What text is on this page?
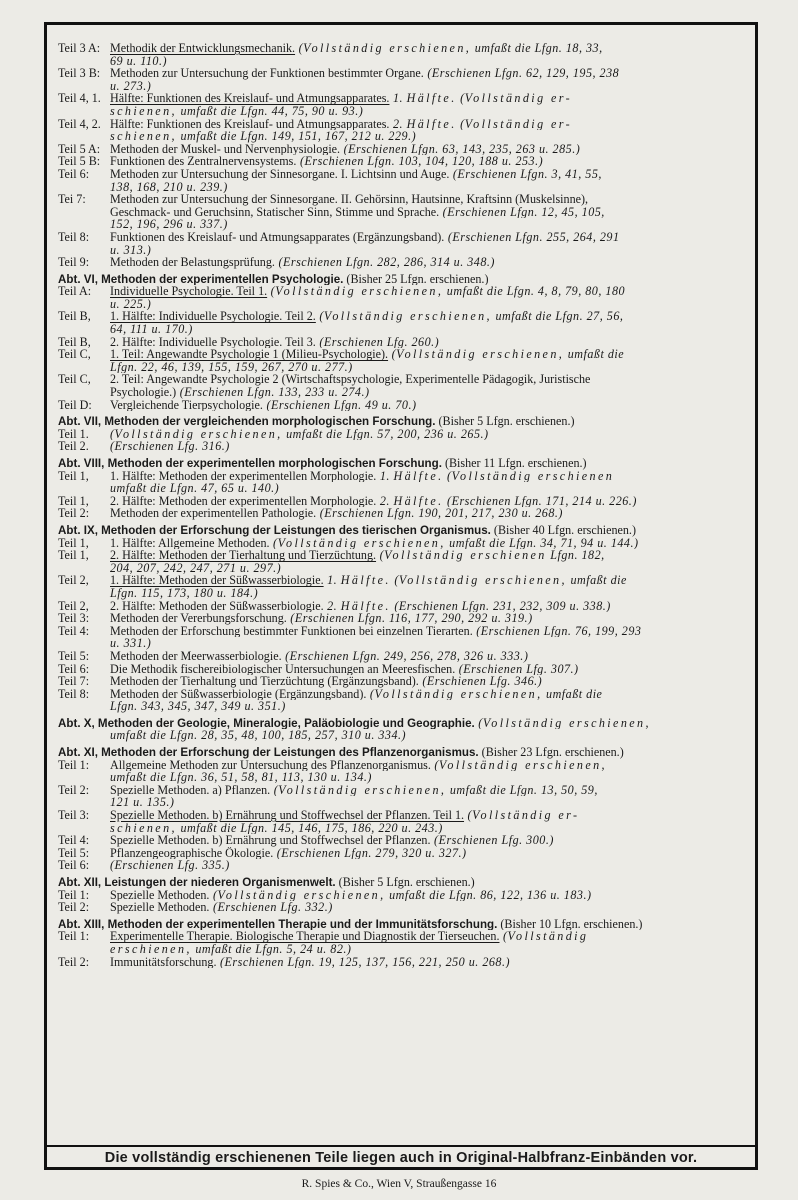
Teil 3 A: Methodik der Entwicklungsmechanik. (Vollständig erschienen, umfaßt die Lfgn. 18, 33,
69 u. 110.)
Teil 3 B: Methoden zur Untersuchung der Funktionen bestimmter Organe. (Erschienen Lfgn. 62, 129, 195, 238
u. 273.)
Teil 4, 1. Hälfte: Funktionen des Kreislauf- und Atmungsapparates. 1. Hälfte. (Vollständig er-
schienen, umfaßt die Lfgn. 44, 75, 90 u. 93.)
Teil 4, 2. Hälfte: Funktionen des Kreislauf- und Atmungsapparates. 2. Hälfte. (Vollständig er-
schienen, umfaßt die Lfgn. 149, 151, 167, 212 u. 229.)
Teil 5 A: Methoden der Muskel- und Nervenphysiologie. (Erschienen Lfgn. 63, 143, 235, 263 u. 285.)
Teil 5 B: Funktionen des Zentralnervensystems. (Erschienen Lfgn. 103, 104, 120, 188 u. 253.)
Teil 6: Methoden zur Untersuchung der Sinnesorgane. I. Lichtsinn und Auge. (Erschienen Lfgn. 3, 41, 55,
138, 168, 210 u. 239.)
Tei 7: Methoden zur Untersuchung der Sinnesorgane. II. Gehörsinn, Hautsinne, Kraftsinn (Muskelsinne),
Geschmack- und Geruchsinn, Statischer Sinn, Stimme und Sprache. (Erschienen Lfgn. 12, 45, 105,
152, 196, 296 u. 337.)
Teil 8: Funktionen des Kreislauf- und Atmungsapparates (Ergänzungsband). (Erschienen Lfgn. 255, 264, 291
u. 313.)
Teil 9: Methoden der Belastungsprüfung. (Erschienen Lfgn. 282, 286, 314 u. 348.)
Abt. VI, Methoden der experimentellen Psychologie. (Bisher 25 Lfgn. erschienen.)
Teil A: Individuelle Psychologie. Teil 1. (Vollständig erschienen, umfaßt die Lfgn. 4, 8, 79, 80, 180
u. 225.)
Teil B, 1. Hälfte: Individuelle Psychologie. Teil 2. (Vollständig erschienen, umfaßt die Lfgn. 27, 56,
64, 111 u. 170.)
Teil B, 2. Hälfte: Individuelle Psychologie. Teil 3. (Erschienen Lfg. 260.)
Teil C, 1. Teil: Angewandte Psychologie 1 (Milieu-Psychologie). (Vollständig erschienen, umfaßt die
Lfgn. 22, 46, 139, 155, 159, 267, 270 u. 277.)
Teil C, 2. Teil: Angewandte Psychologie 2 (Wirtschaftspsychologie, Experimentelle Pädagogik, Juristische
Psychologie.) (Erschienen Lfgn. 133, 233 u. 274.)
Teil D: Vergleichende Tierpsychologie. (Erschienen Lfgn. 49 u. 70.)
Abt. VII, Methoden der vergleichenden morphologischen Forschung. (Bisher 5 Lfgn. erschienen.)
Teil 1. (Vollständig erschienen, umfaßt die Lfgn. 57, 200, 236 u. 265.)
Teil 2. (Erschienen Lfg. 316.)
Abt. VIII, Methoden der experimentellen morphologischen Forschung. (Bisher 11 Lfgn. erschienen.)
Teil 1, 1. Hälfte: Methoden der experimentellen Morphologie. 1. Hälfte. (Vollständig erschienen
umfaßt die Lfgn. 47, 65 u. 140.)
Teil 1, 2. Hälfte: Methoden der experimentellen Morphologie. 2. Hälfte. (Erschienen Lfgn. 171, 214 u. 226.)
Teil 2: Methoden der experimentellen Pathologie. (Erschienen Lfgn. 190, 201, 217, 230 u. 268.)
Abt. IX, Methoden der Erforschung der Leistungen des tierischen Organismus. (Bisher 40 Lfgn. erschienen.)
Teil 1, 1. Hälfte: Allgemeine Methoden. (Vollständig erschienen, umfaßt die Lfgn. 34, 71, 94 u. 144.)
Teil 1, 2. Hälfte: Methoden der Tierhaltung und Tierzüchtung. (Vollständig erschienen Lfgn. 182,
204, 207, 242, 247, 271 u. 297.)
Teil 2, 1. Hälfte: Methoden der Süßwasserbiologie. 1. Hälfte. (Vollständig erschienen, umfaßt die
Lfgn. 115, 173, 180 u. 184.)
Teil 2, 2. Hälfte: Methoden der Süßwasserbiologie. 2. Hälfte. (Erschienen Lfgn. 231, 232, 309 u. 338.)
Teil 3: Methoden der Vererbungsforschung. (Erschienen Lfgn. 116, 177, 290, 292 u. 319.)
Teil 4: Methoden der Erforschung bestimmter Funktionen bei einzelnen Tierarten. (Erschienen Lfgn. 76, 199, 293
u. 331.)
Teil 5: Methoden der Meerwasserbiologie. (Erschienen Lfgn. 249, 256, 278, 326 u. 333.)
Teil 6: Die Methodik fischereibiologischer Untersuchungen an Meeresfischen. (Erschienen Lfg. 307.)
Teil 7: Methoden der Tierhaltung und Tierzüchtung (Ergänzungsband). (Erschienen Lfg. 346.)
Teil 8: Methoden der Süßwasserbiologie (Ergänzungsband). (Vollständig erschienen, umfaßt die
Lfgn. 343, 345, 347, 349 u. 351.)
Abt. X, Methoden der Geologie, Mineralogie, Paläobiologie und Geographie. (Vollständig erschienen,
umfaßt die Lfgn. 28, 35, 48, 100, 185, 257, 310 u. 334.)
Abt. XI, Methoden der Erforschung der Leistungen des Pflanzenorganismus. (Bisher 23 Lfgn. erschienen.)
Teil 1: Allgemeine Methoden zur Untersuchung des Pflanzenorganismus. (Vollständig erschienen,
umfaßt die Lfgn. 36, 51, 58, 81, 113, 130 u. 134.)
Teil 2: Spezielle Methoden. a) Pflanzen. (Vollständig erschienen, umfaßt die Lfgn. 13, 50, 59,
121 u. 135.)
Teil 3: Spezielle Methoden. b) Ernährung und Stoffwechsel der Pflanzen. Teil 1. (Vollständig er-
schienen, umfaßt die Lfgn. 145, 146, 175, 186, 220 u. 243.)
Teil 4: Spezielle Methoden. b) Ernährung und Stoffwechsel der Pflanzen. (Erschienen Lfg. 300.)
Teil 5: Pflanzengeographische Ökologie. (Erschienen Lfgn. 279, 320 u. 327.)
Teil 6: (Erschienen Lfg. 335.)
Abt. XII, Leistungen der niederen Organismenwelt. (Bisher 5 Lfgn. erschienen.)
Teil 1: Spezielle Methoden. (Vollständig erschienen, umfaßt die Lfgn. 86, 122, 136 u. 183.)
Teil 2: Spezielle Methoden. (Erschienen Lfg. 332.)
Abt. XIII, Methoden der experimentellen Therapie und der Immunitätsforschung. (Bisher 10 Lfgn. erschienen.)
Teil 1: Experimentelle Therapie. Biologische Therapie und Diagnostik der Tierseuchen. (Vollständig
erschienen, umfaßt die Lfgn. 5, 24 u. 82.)
Teil 2: Immunitätsforschung. (Erschienen Lfgn. 19, 125, 137, 156, 221, 250 u. 268.)
Die vollständig erschienenen Teile liegen auch in Original-Halbfranz-Einbänden vor.
R. Spies & Co., Wien V, Straußengasse 16
